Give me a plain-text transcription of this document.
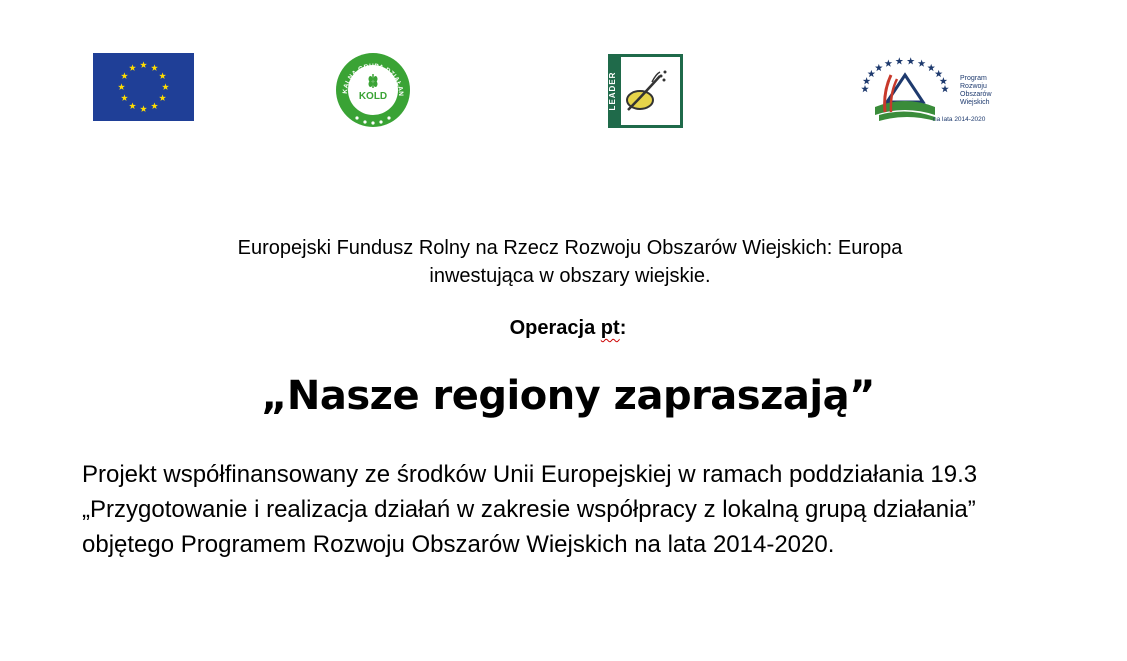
KALNA GRUPA DZIAŁAN
KOLD	LEADER	Program
Rozwoju
Obszarów
Wiejskich
na lata 2014-2020
Europejski Fundusz Rolny na Rzecz Rozwoju Obszarów Wiejskich: Europa
inwestująca w obszary wiejskie.
Operacja pt:
„Nasze regiony zapraszają”
Projekt współfinansowany ze środków Unii Europejskiej w ramach poddziałania 19.3 „Przygotowanie i realizacja działań w zakresie współpracy z lokalną grupą działania” objętego Programem Rozwoju Obszarów Wiejskich na lata 2014-2020.
